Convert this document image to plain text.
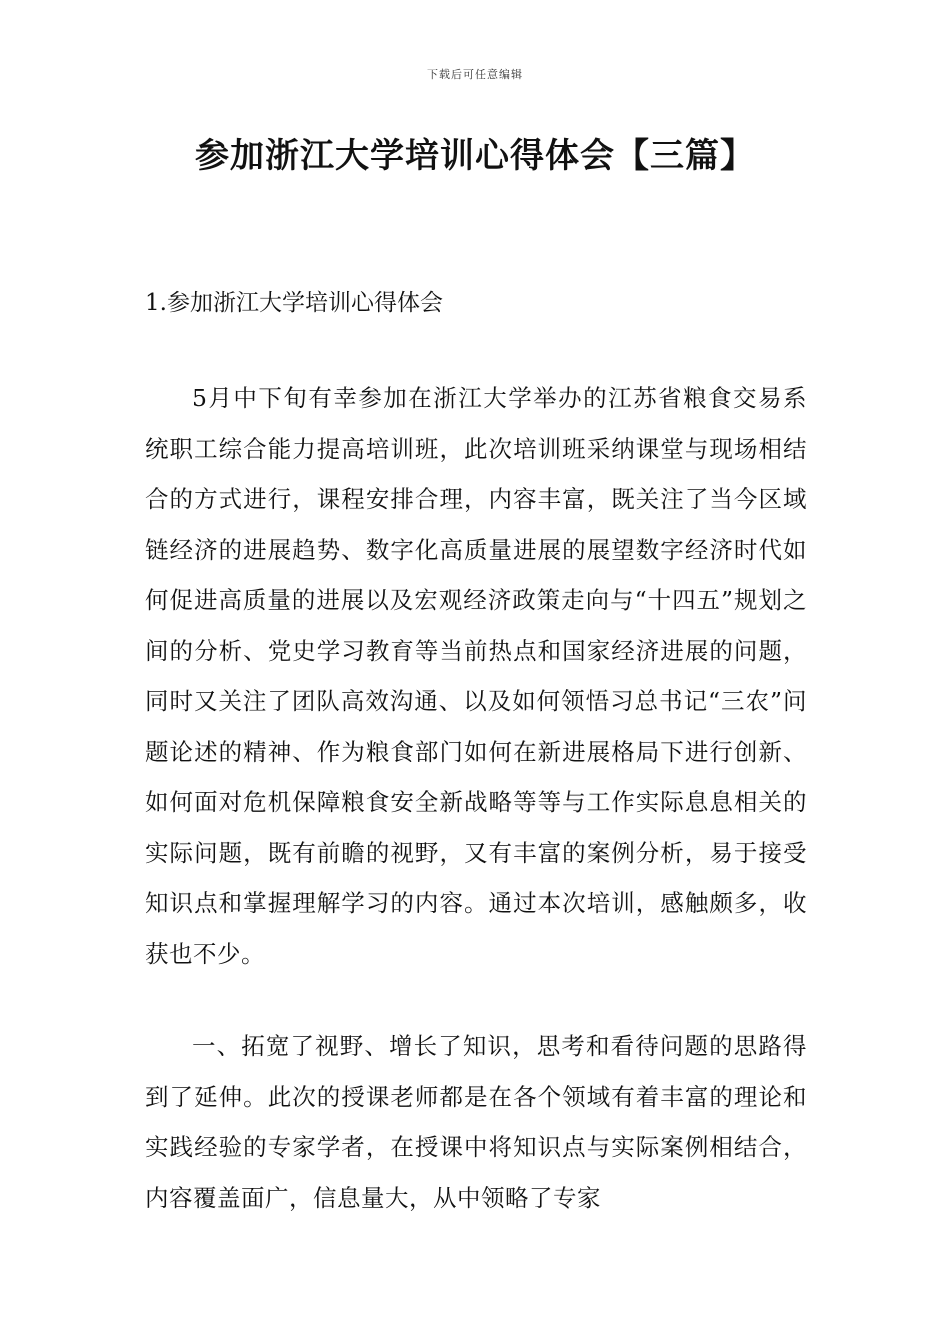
下载后可任意编辑
参加浙江大学培训心得体会【三篇】
1.参加浙江大学培训心得体会

5月中下旬有幸参加在浙江大学举办的江苏省粮食交易系统职工综合能力提高培训班，此次培训班采纳课堂与现场相结合的方式进行，课程安排合理，内容丰富，既关注了当今区域链经济的进展趋势、数字化高质量进展的展望数字经济时代如何促进高质量的进展以及宏观经济政策走向与“十四五”规划之间的分析、党史学习教育等当前热点和国家经济进展的问题，同时又关注了团队高效沟通、以及如何领悟习总书记“三农”问题论述的精神、作为粮食部门如何在新进展格局下进行创新、如何面对危机保障粮食安全新战略等等与工作实际息息相关的实际问题，既有前瞻的视野，又有丰富的案例分析，易于接受知识点和掌握理解学习的内容。通过本次培训，感触颇多，收获也不少。

一、拓宽了视野、增长了知识，思考和看待问题的思路得到了延伸。此次的授课老师都是在各个领域有着丰富的理论和实践经验的专家学者，在授课中将知识点与实际案例相结合，内容覆盖面广，信息量大，从中领略了专家
